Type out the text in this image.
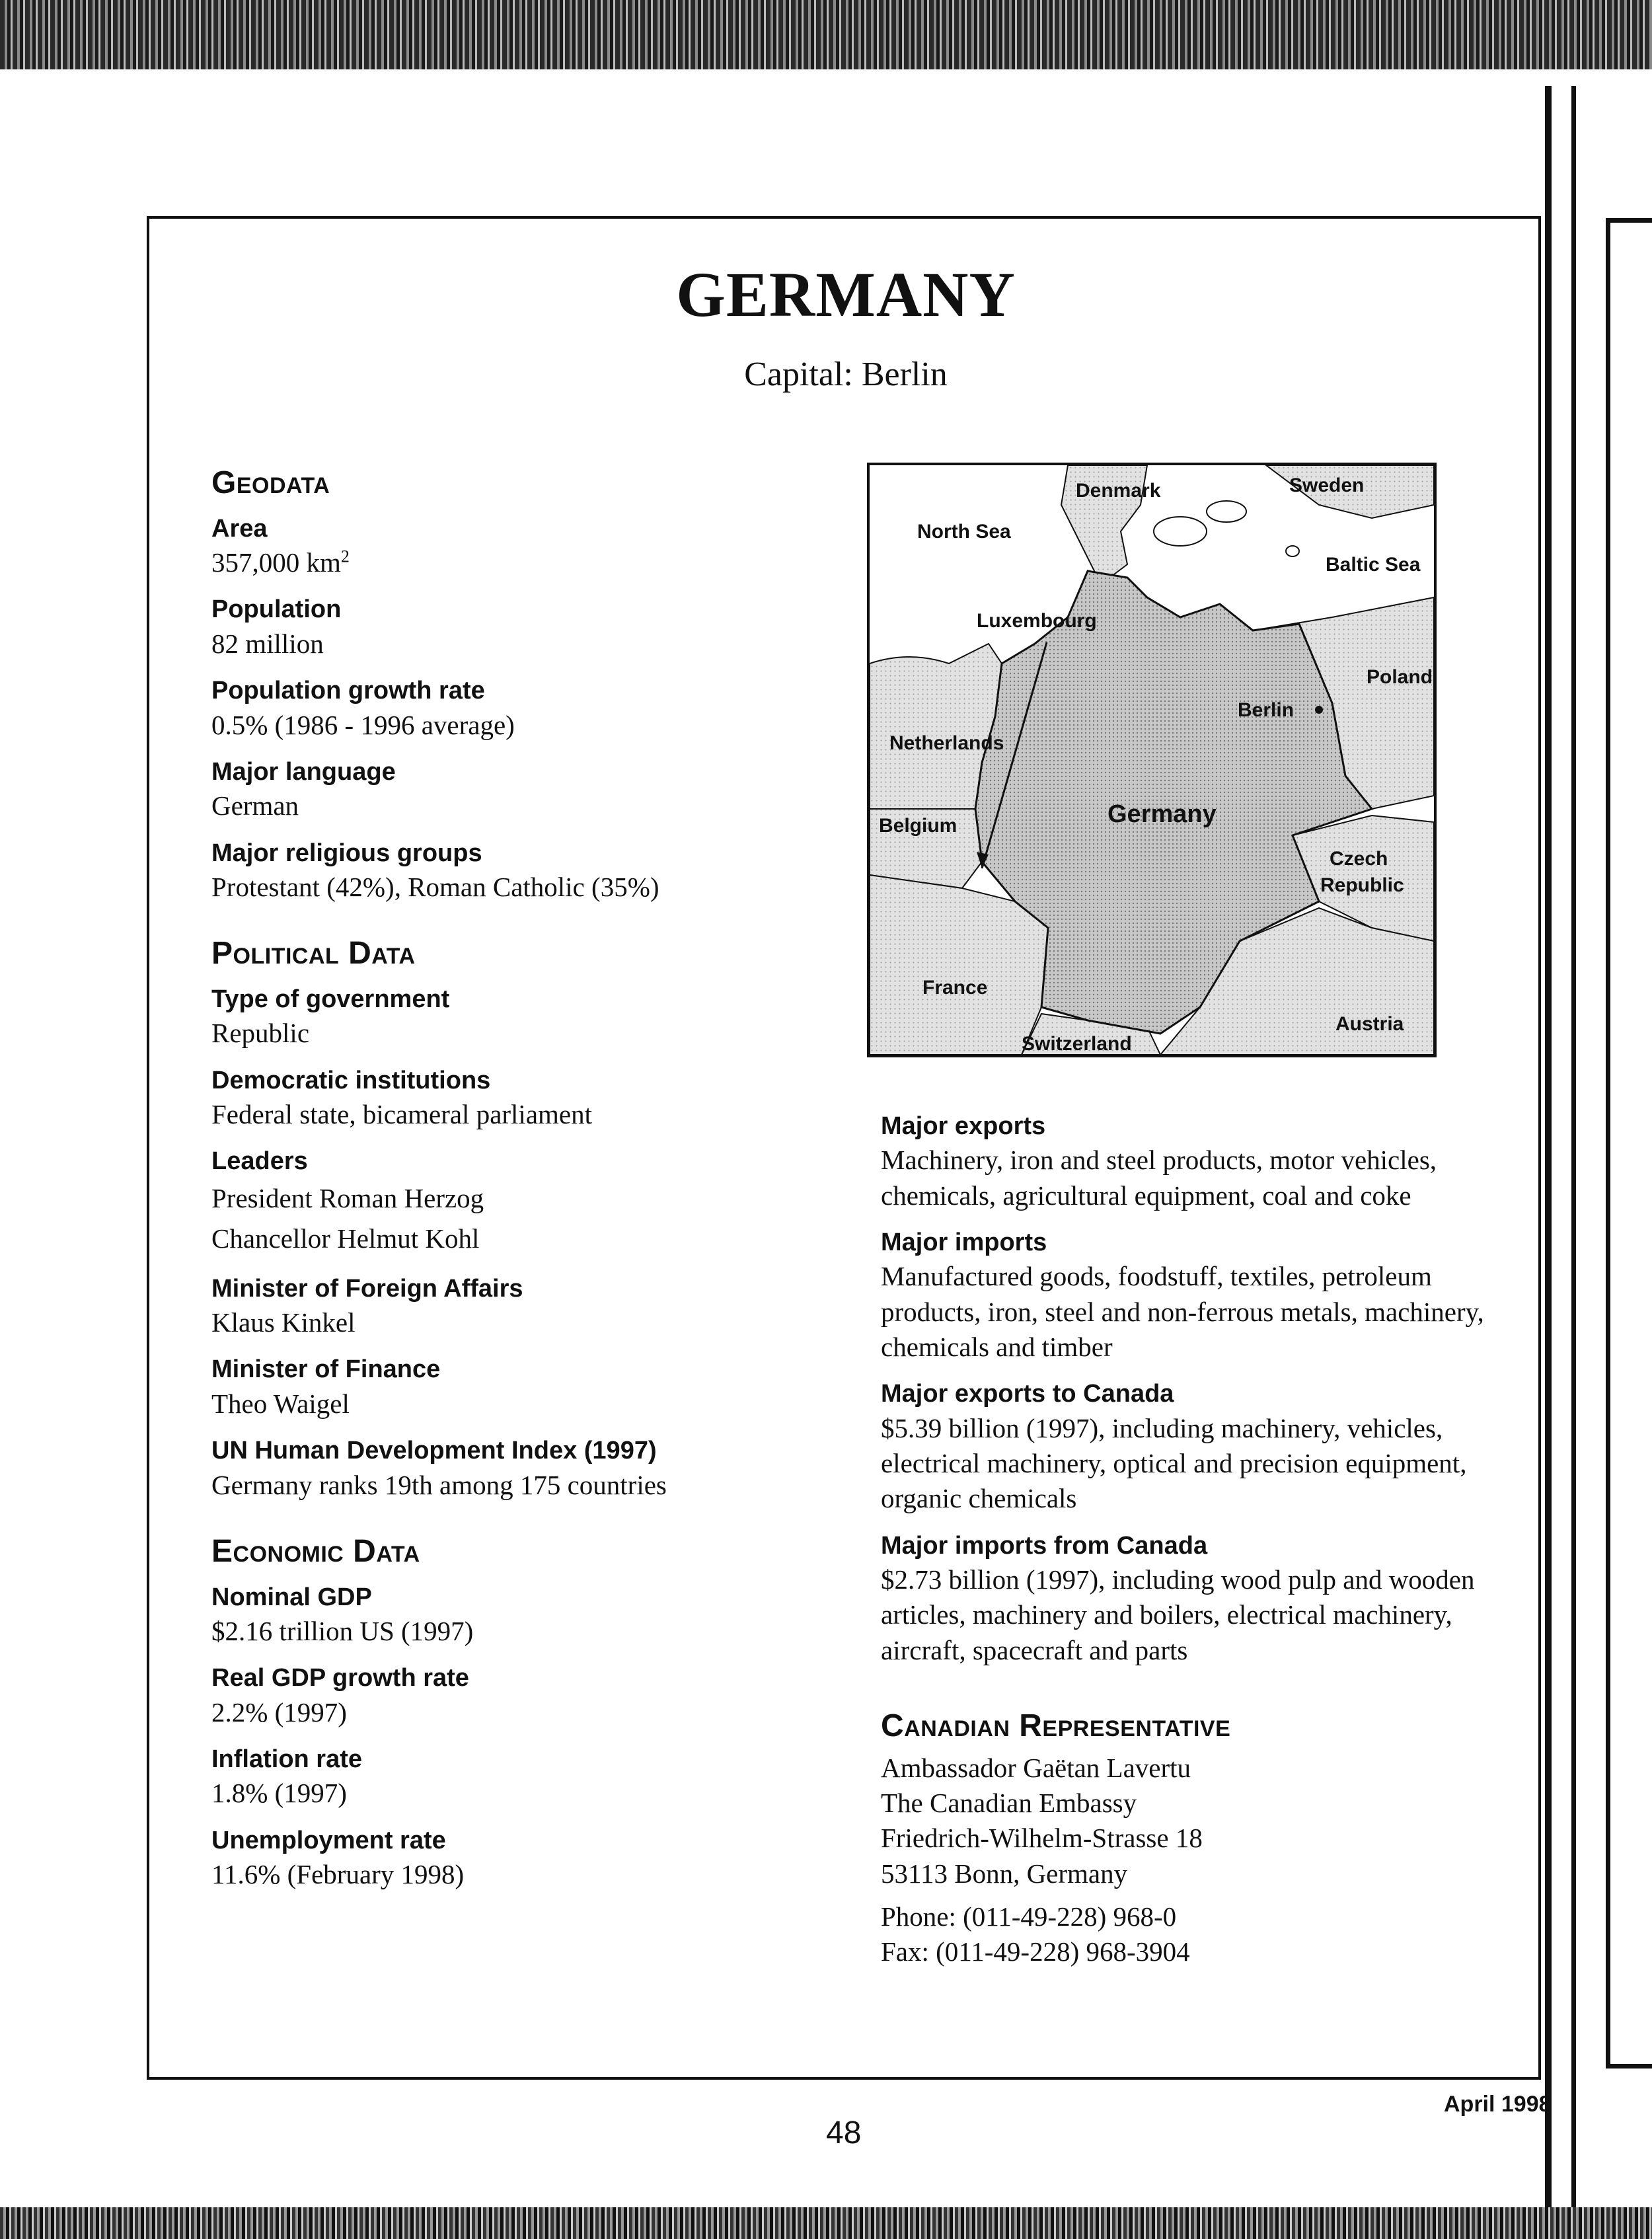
GERMANY
Capital: Berlin
Geodata

Area

357,000 $km^2$

Population

82 million

Population growth rate

0.5% (1986 - 1996 average)

Major language

German

Major religious groups

Protestant (42%), Roman Catholic (35%)

Political Data

Type of government

Republic

Democratic institutions

Federal state, bicameral parliament

Leaders

President Roman Herzog

Chancellor Helmut Kohl

Minister of Foreign Affairs

Klaus Kinkel

Minister of Finance

Theo Waigel

UN Human Development Index (1997)

Germany ranks 19th among 175 countries

Economic Data

Nominal GDP

$2.16 trillion US (1997)

Real GDP growth rate

2.2% (1997)

Inflation rate

1.8% (1997)

Unemployment rate

11.6% (February 1998)

Denmark	Sweden
North Sea
Baltic Sea
Luxembourg
Poland
Berlin
Netherlands
Germany
Belgium
Czech
Republic
France
Austria
Switzerland

Major exports

Machinery, iron and steel products, motor vehicles, chemicals, agricultural equipment, coal and coke

Major imports

Manufactured goods, foodstuff, textiles, petroleum products, iron, steel and non-ferrous metals, machinery, chemicals and timber

Major exports to Canada

$5.39 billion (1997), including machinery, vehicles, electrical machinery, optical and precision equipment, organic chemicals

Major imports from Canada

$2.73 billion (1997), including wood pulp and wooden articles, machinery and boilers, electrical machinery, aircraft, spacecraft and parts

Canadian Representative

Ambassador Gaëtan Lavertu

The Canadian Embassy

Friedrich-Wilhelm-Strasse 18

53113 Bonn, Germany

Phone: (011-49-228) 968-0

Fax: (011-49-228) 968-3904

April 1998
48
